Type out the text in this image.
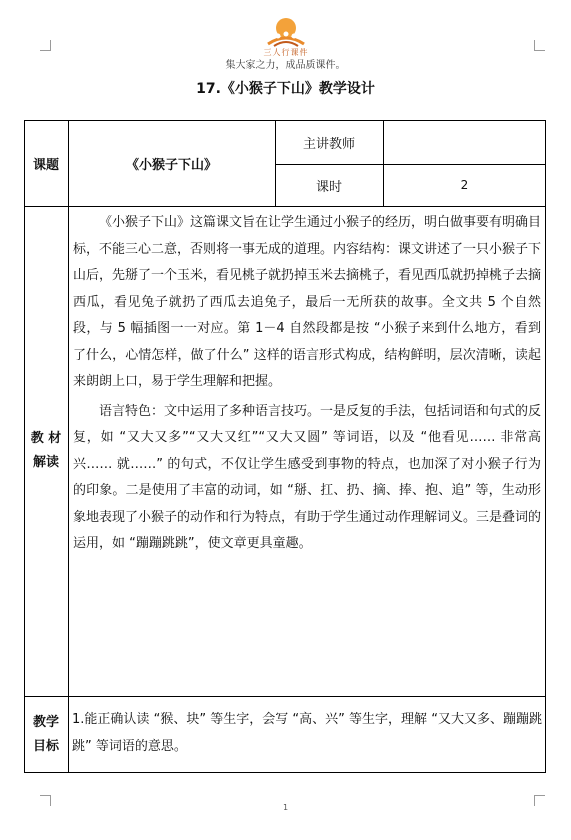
三人行课件
集大家之力，成品质课件。
17.《小猴子下山》教学设计
课题	《小猴子下山》
主讲教师
课时	2
教 材
解读

《小猴子下山》这篇课文旨在让学生通过小猴子的经历，明白做事要有明确目标，不能三心二意，否则将一事无成的道理。内容结构：课文讲述了一只小猴子下山后，先掰了一个玉米，看见桃子就扔掉玉米去摘桃子，看见西瓜就扔掉桃子去摘西瓜，看见兔子就扔了西瓜去追兔子，最后一无所获的故事。全文共 5 个自然段，与 5 幅插图一一对应。第 1－4 自然段都是按 “小猴子来到什么地方，看到了什么，心情怎样，做了什么” 这样的语言形式构成，结构鲜明，层次清晰，读起来朗朗上口，易于学生理解和把握。

语言特色：文中运用了多种语言技巧。一是反复的手法，包括词语和句式的反复，如 “又大又多”“又大又红”“又大又圆” 等词语，以及 “他看见…… 非常高兴…… 就……” 的句式，不仅让学生感受到事物的特点，也加深了对小猴子行为的印象。二是使用了丰富的动词，如 “掰、扛、扔、摘、捧、抱、追” 等，生动形象地表现了小猴子的动作和行为特点，有助于学生通过动作理解词义。三是叠词的运用，如 “蹦蹦跳跳”，使文章更具童趣。

教学
目标
1.能正确认读 “猴、块” 等生字，会写 “高、兴” 等生字，理解 “又大又多、蹦蹦跳跳” 等词语的意思。
1
